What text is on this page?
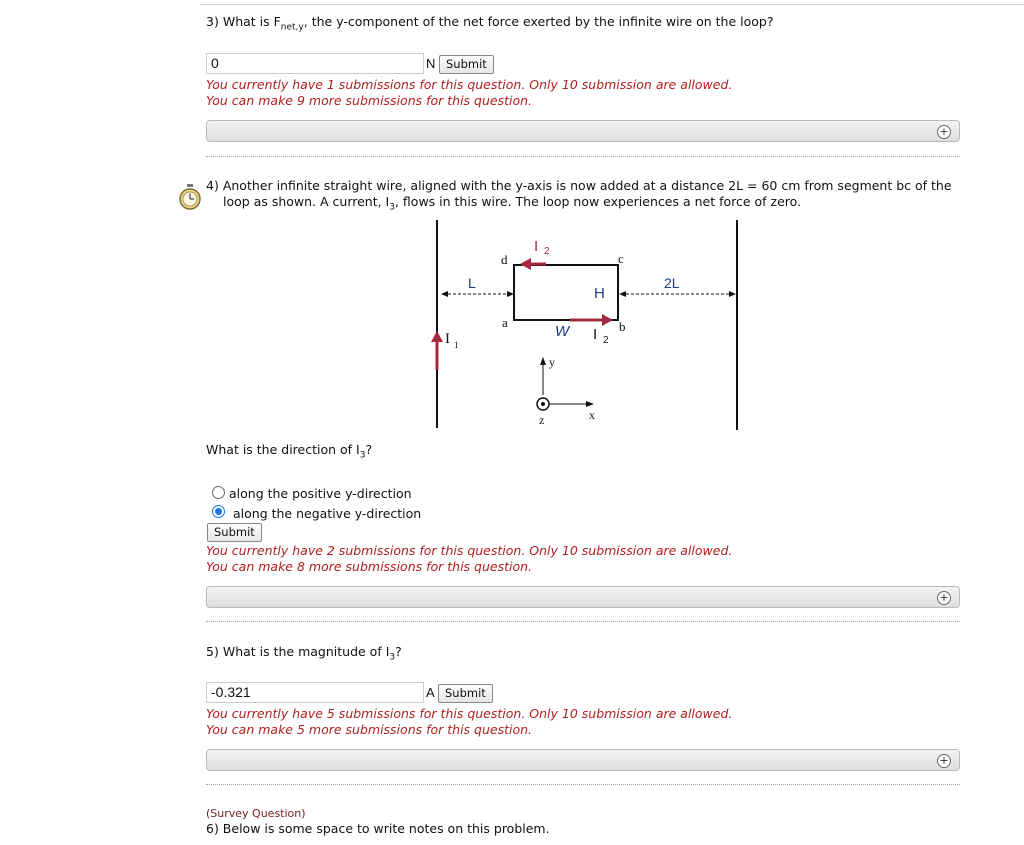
3) What is $F_{net,y}$, the y-component of the net force exerted by the infinite wire on the loop?
0	N Submit
You currently have 1 submissions for this question. Only 10 submission are allowed.
You can make 9 more submissions for this question.
+
4) Another infinite straight wire, aligned with the y-axis is now added at a distance 2L = 60 cm from segment bc of the
loop as shown. A current, $I_3$, flows in this wire. The loop now experiences a net force of zero.
I 1
d	c
a	b
I 2
I 2
L
H
W
2L
y
x
z
What is the direction of $I_3$?
along the positive y-direction
along the negative y-direction
Submit
You currently have 2 submissions for this question. Only 10 submission are allowed.
You can make 8 more submissions for this question.
+
5) What is the magnitude of $I_3$?
-0.321	A Submit
You currently have 5 submissions for this question. Only 10 submission are allowed.
You can make 5 more submissions for this question.
+
(Survey Question)
6) Below is some space to write notes on this problem.
